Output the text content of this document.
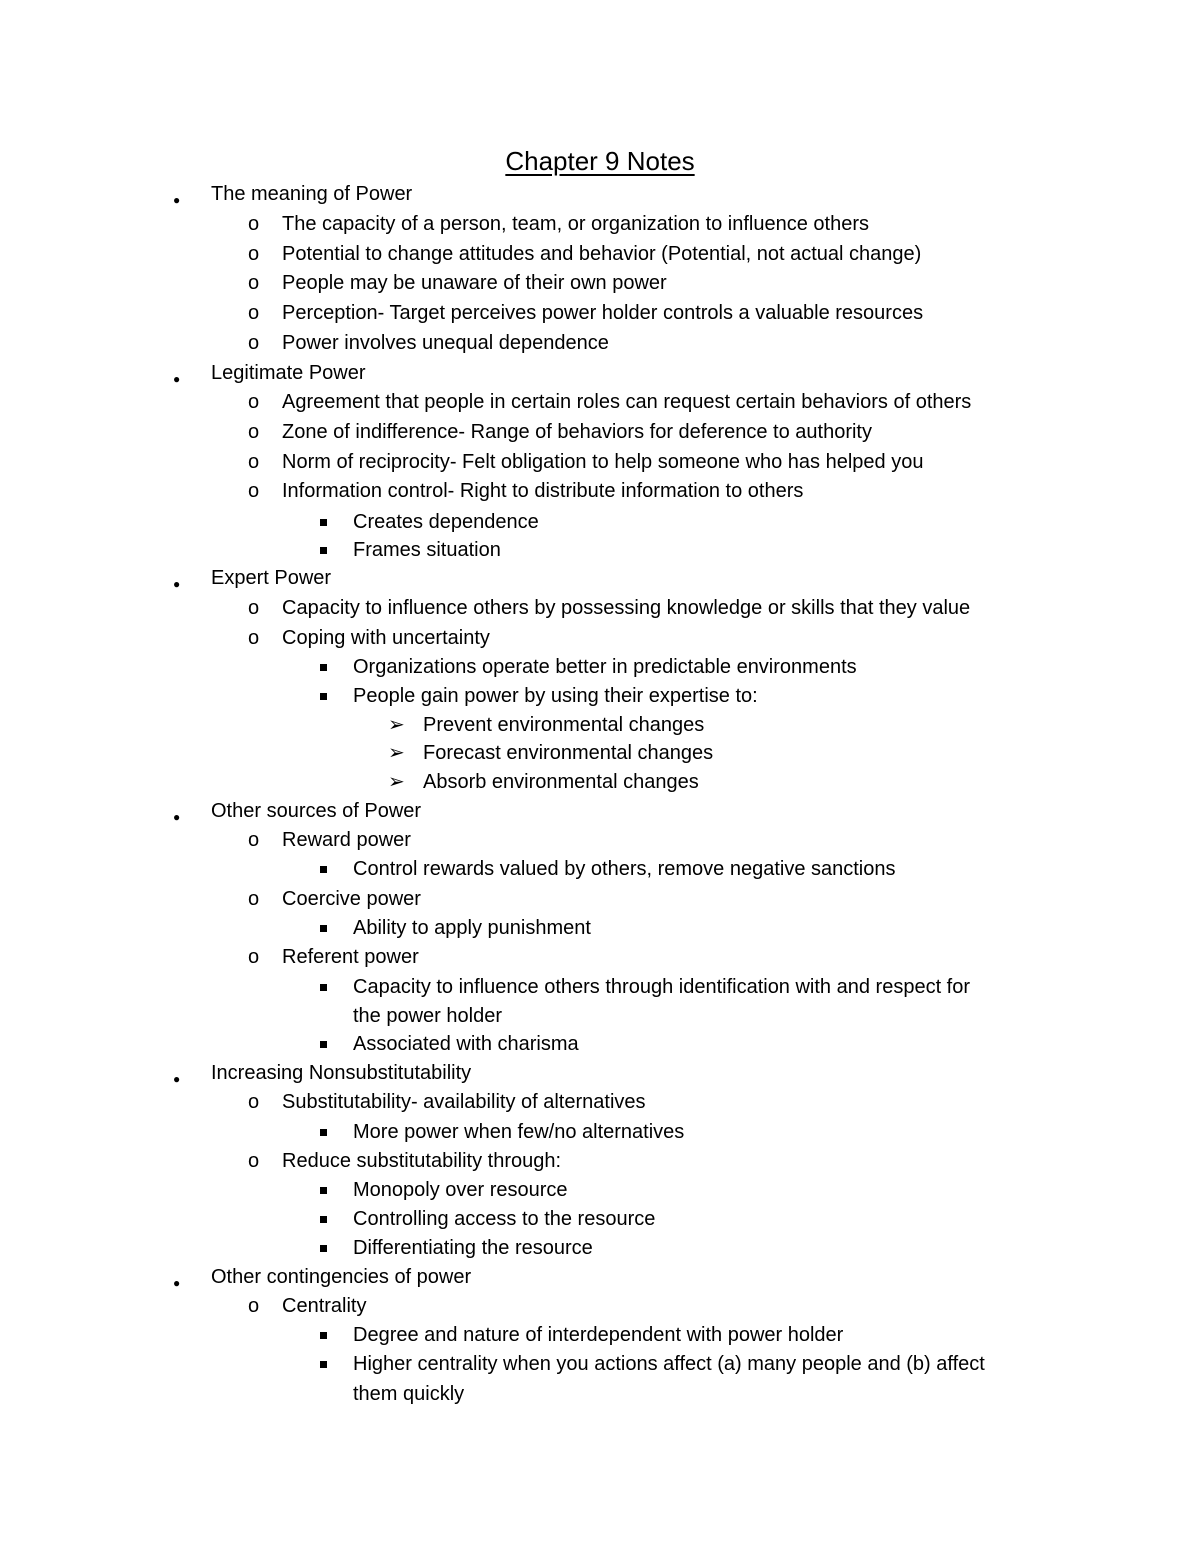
Chapter 9 Notes
● The meaning of Power
o The capacity of a person, team, or organization to influence others
o Potential to change attitudes and behavior (Potential, not actual change)
o People may be unaware of their own power
o Perception- Target perceives power holder controls a valuable resources
o Power involves unequal dependence
● Legitimate Power
o Agreement that people in certain roles can request certain behaviors of others
o Zone of indifference- Range of behaviors for deference to authority
o Norm of reciprocity- Felt obligation to help someone who has helped you
o Information control- Right to distribute information to others
Creates dependence
Frames situation
● Expert Power
o Capacity to influence others by possessing knowledge or skills that they value
o Coping with uncertainty
Organizations operate better in predictable environments
People gain power by using their expertise to:
➢ Prevent environmental changes
➢ Forecast environmental changes
➢ Absorb environmental changes
● Other sources of Power
o Reward power
Control rewards valued by others, remove negative sanctions
o Coercive power
Ability to apply punishment
o Referent power
Capacity to influence others through identification with and respect for
the power holder
Associated with charisma
● Increasing Nonsubstitutability
o Substitutability- availability of alternatives
More power when few/no alternatives
o Reduce substitutability through:
Monopoly over resource
Controlling access to the resource
Differentiating the resource
● Other contingencies of power
o Centrality
Degree and nature of interdependent with power holder
Higher centrality when you actions affect (a) many people and (b) affect
them quickly
